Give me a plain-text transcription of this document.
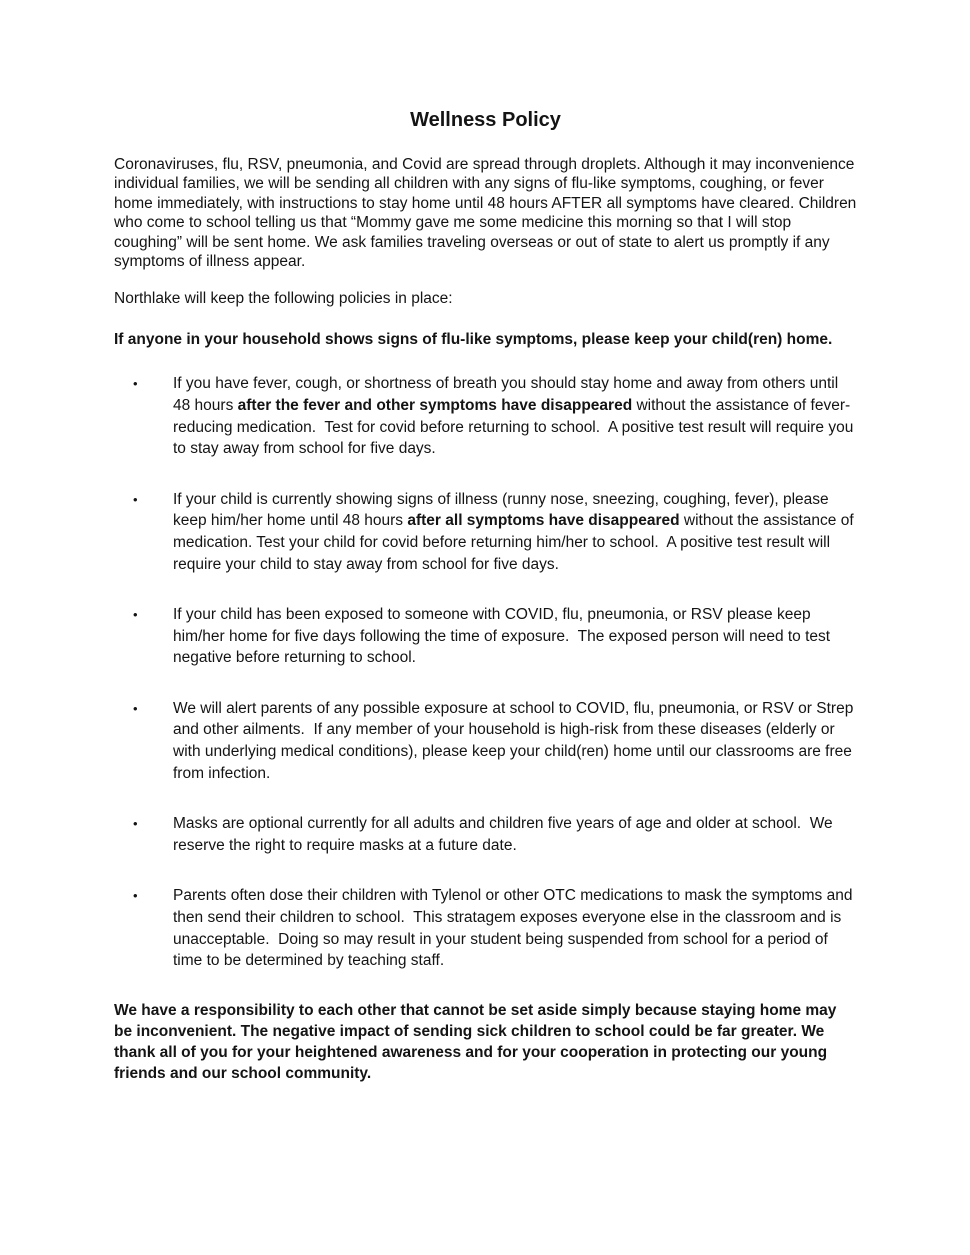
Wellness Policy

Coronaviruses, flu, RSV, pneumonia, and Covid are spread through droplets. Although it may inconvenience individual families, we will be sending all children with any signs of flu-like symptoms, coughing, or fever home immediately, with instructions to stay home until 48 hours AFTER all symptoms have cleared. Children who come to school telling us that “Mommy gave me some medicine this morning so that I will stop coughing” will be sent home. We ask families traveling overseas or out of state to alert us promptly if any symptoms of illness appear.

Northlake will keep the following policies in place:

If anyone in your household shows signs of flu-like symptoms, please keep your child(ren) home.
• If you have fever, cough, or shortness of breath you should stay home and away from others until 48 hours after the fever and other symptoms have disappeared without the assistance of fever-reducing medication.  Test for covid before returning to school.  A positive test result will require you to stay away from school for five days.
• If your child is currently showing signs of illness (runny nose, sneezing, coughing, fever), please keep him/her home until 48 hours after all symptoms have disappeared without the assistance of medication. Test your child for covid before returning him/her to school.  A positive test result will require your child to stay away from school for five days.
• If your child has been exposed to someone with COVID, flu, pneumonia, or RSV please keep him/her home for five days following the time of exposure.  The exposed person will need to test negative before returning to school.
• We will alert parents of any possible exposure at school to COVID, flu, pneumonia, or RSV or Strep and other ailments.  If any member of your household is high-risk from these diseases (elderly or with underlying medical conditions), please keep your child(ren) home until our classrooms are free from infection.
• Masks are optional currently for all adults and children five years of age and older at school.  We reserve the right to require masks at a future date.
• Parents often dose their children with Tylenol or other OTC medications to mask the symptoms and then send their children to school.  This stratagem exposes everyone else in the classroom and is unacceptable.  Doing so may result in your student being suspended from school for a period of time to be determined by teaching staff.

We have a responsibility to each other that cannot be set aside simply because staying home may be inconvenient. The negative impact of sending sick children to school could be far greater. We thank all of you for your heightened awareness and for your cooperation in protecting our young friends and our school community.
